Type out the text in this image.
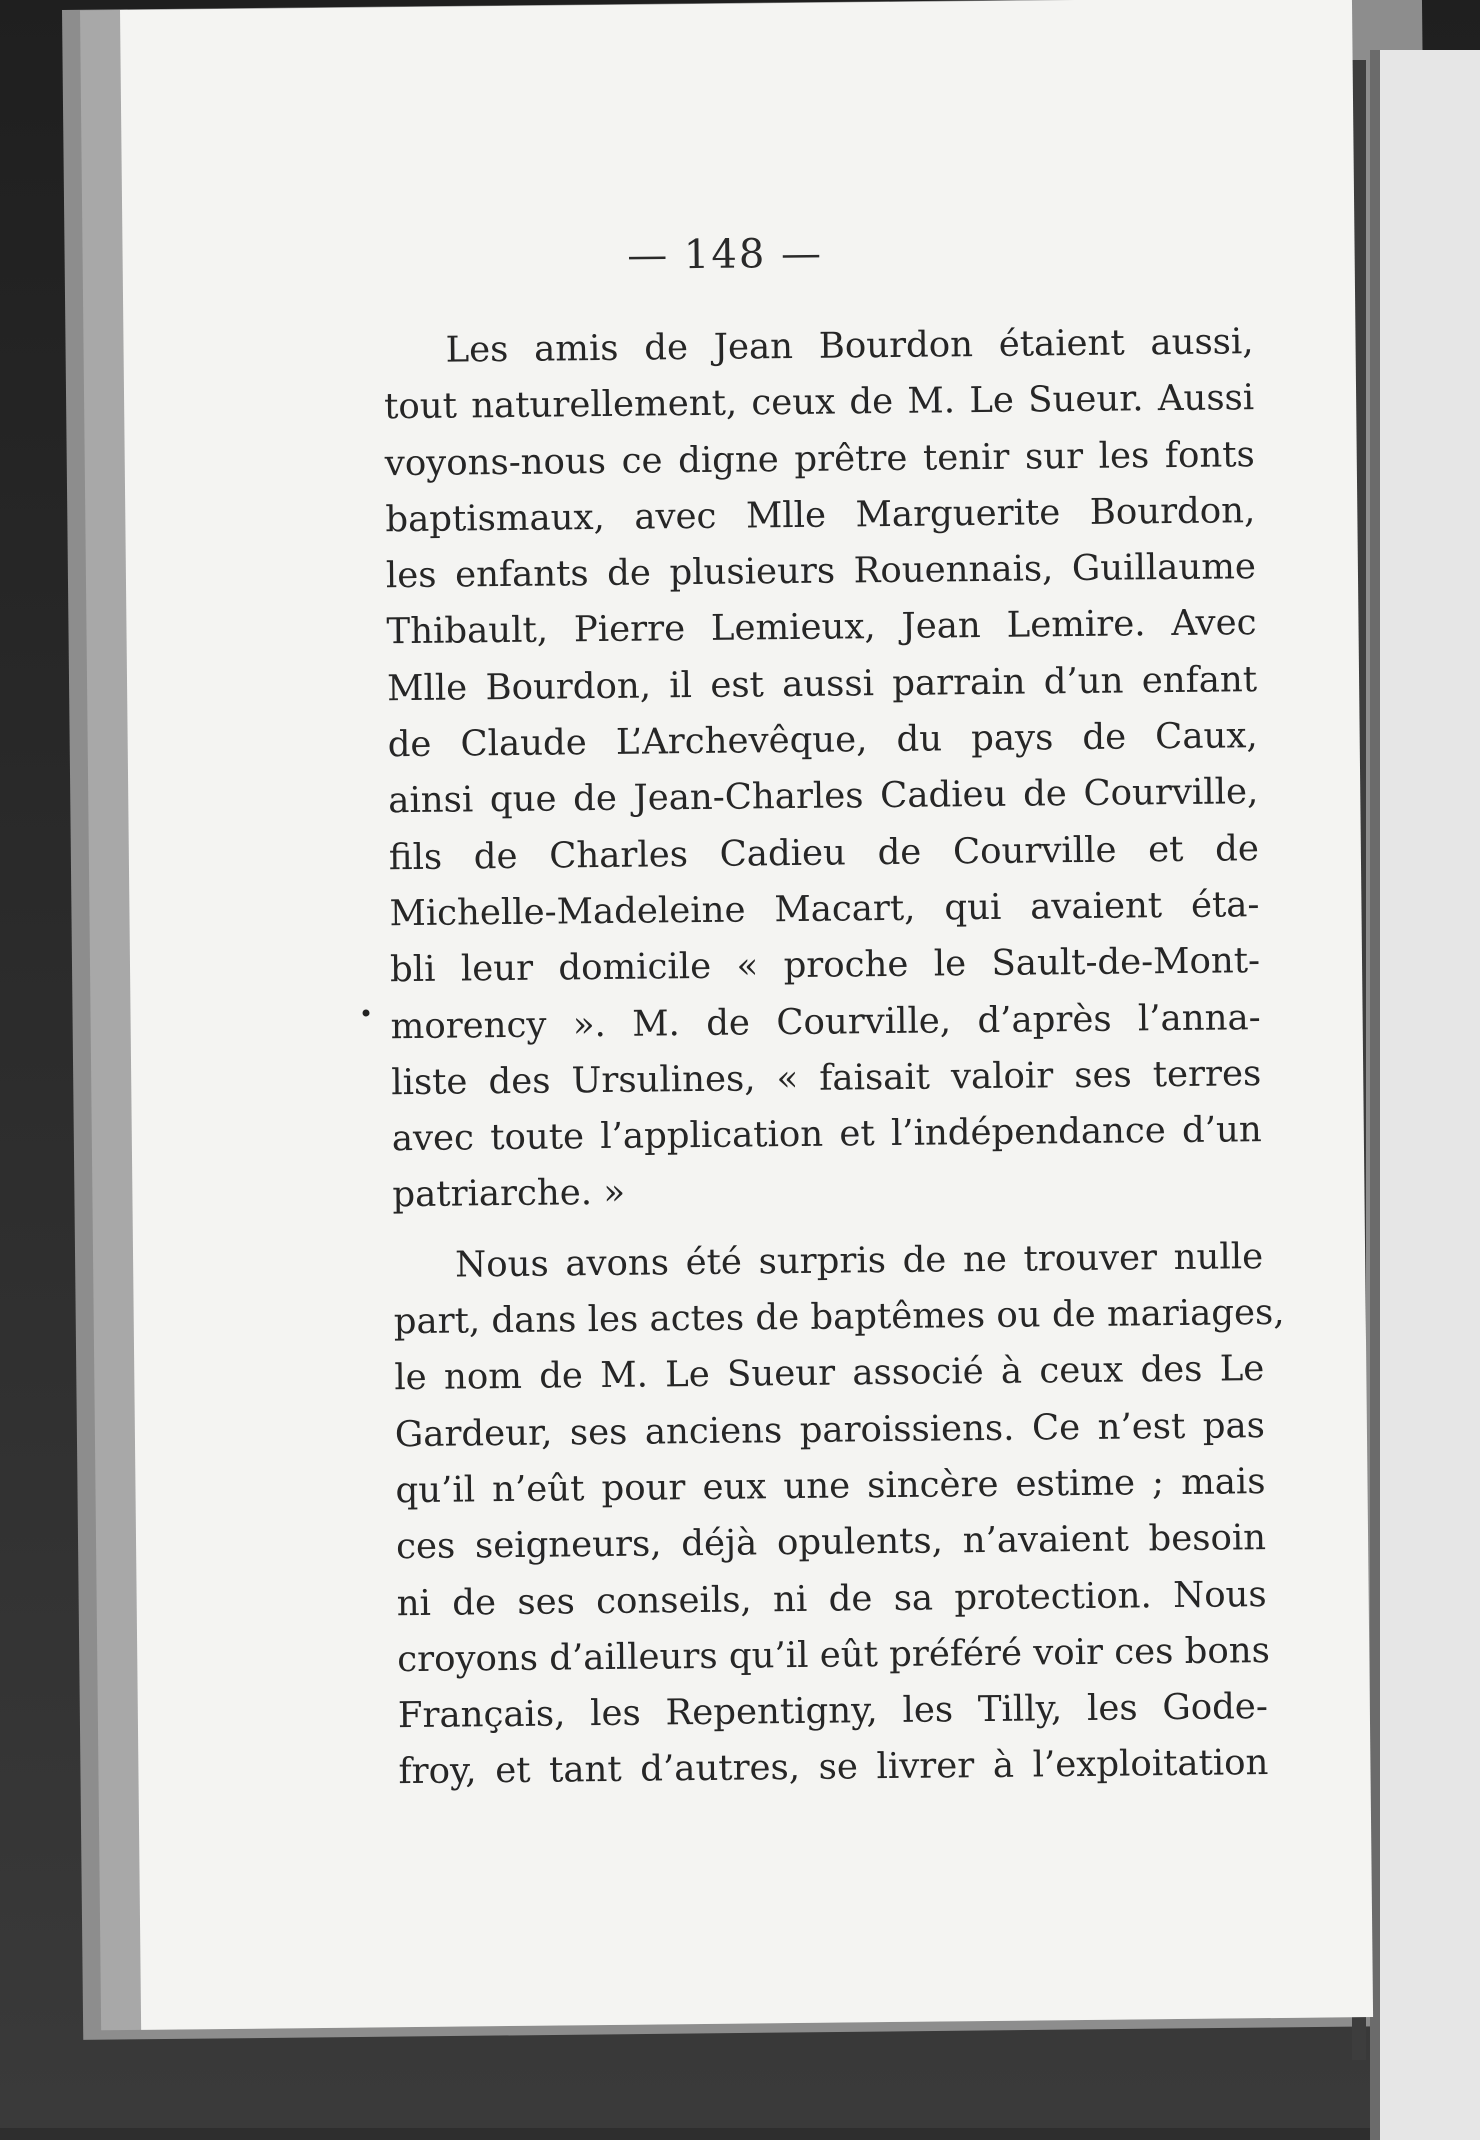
— 148 —
Les amis de Jean Bourdon étaient aussi,
tout naturellement, ceux de M. Le Sueur. Aussi
voyons-nous ce digne prêtre tenir sur les fonts
baptismaux, avec Mlle Marguerite Bourdon,
les enfants de plusieurs Rouennais, Guillaume
Thibault, Pierre Lemieux, Jean Lemire. Avec
Mlle Bourdon, il est aussi parrain d’un enfant
de Claude L’Archevêque, du pays de Caux,
ainsi que de Jean-Charles Cadieu de Courville,
fils de Charles Cadieu de Courville et de
Michelle-Madeleine Macart, qui avaient éta-
bli leur domicile « proche le Sault-de-Mont-
morency ». M. de Courville, d’après l’anna-
liste des Ursulines, « faisait valoir ses terres
avec toute l’application et l’indépendance d’un
patriarche. »
Nous avons été surpris de ne trouver nulle
part, dans les actes de baptêmes ou de mariages,
le nom de M. Le Sueur associé à ceux des Le
Gardeur, ses anciens paroissiens. Ce n’est pas
qu’il n’eût pour eux une sincère estime ; mais
ces seigneurs, déjà opulents, n’avaient besoin
ni de ses conseils, ni de sa protection. Nous
croyons d’ailleurs qu’il eût préféré voir ces bons
Français, les Repentigny, les Tilly, les Gode-
froy, et tant d’autres, se livrer à l’exploitation
